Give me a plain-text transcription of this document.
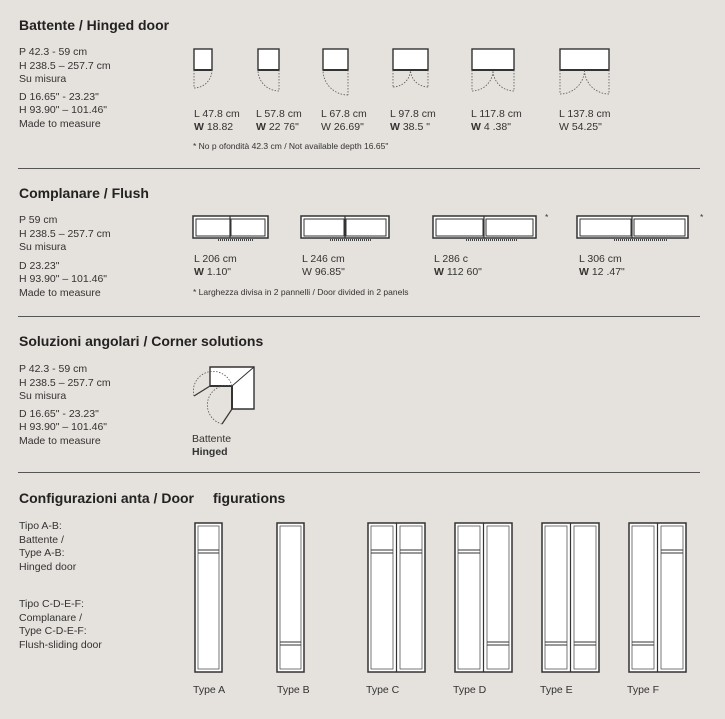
Battente / Hinged door
P 42.3 - 59 cm
H 238.5 – 257.7 cm
Su misura
D 16.65" - 23.23"
H 93.90" – 101.46"
Made to measure
L 47.8 cm
W 18.82
L 57.8 cm
W 22 76"
L 67.8 cm
W 26.69"
L 97.8 cm
W 38.5 "
L 117.8 cm
W 4 .38"
L 137.8 cm
W 54.25"
* No p ofondità 42.3 cm / Not available depth 16.65"
Complanare / Flush
P 59 cm
H 238.5 – 257.7 cm
Su misura
D 23.23"
H 93.90" – 101.46"
Made to measure
*	*
L 206 cm
W 1.10"
L 246 cm
W 96.85"
L 286 c
W 112 60"
L 306 cm
W 12 .47"
* Larghezza divisa in 2 pannelli / Door divided in 2 panels
Soluzioni angolari / Corner solutions
P 42.3 - 59 cm
H 238.5 – 257.7 cm
Su misura
D 16.65" - 23.23"
H 93.90" – 101.46"
Made to measure	Battente
Hinged
Configurazioni anta / Door figurations
Tipo A-B:
Battente /
Type A-B:
Hinged door
Tipo C-D-E-F:
Complanare /
Type C-D-E-F:
Flush-sliding door
Type A	Type B	Type C	Type D	Type E	Type F
